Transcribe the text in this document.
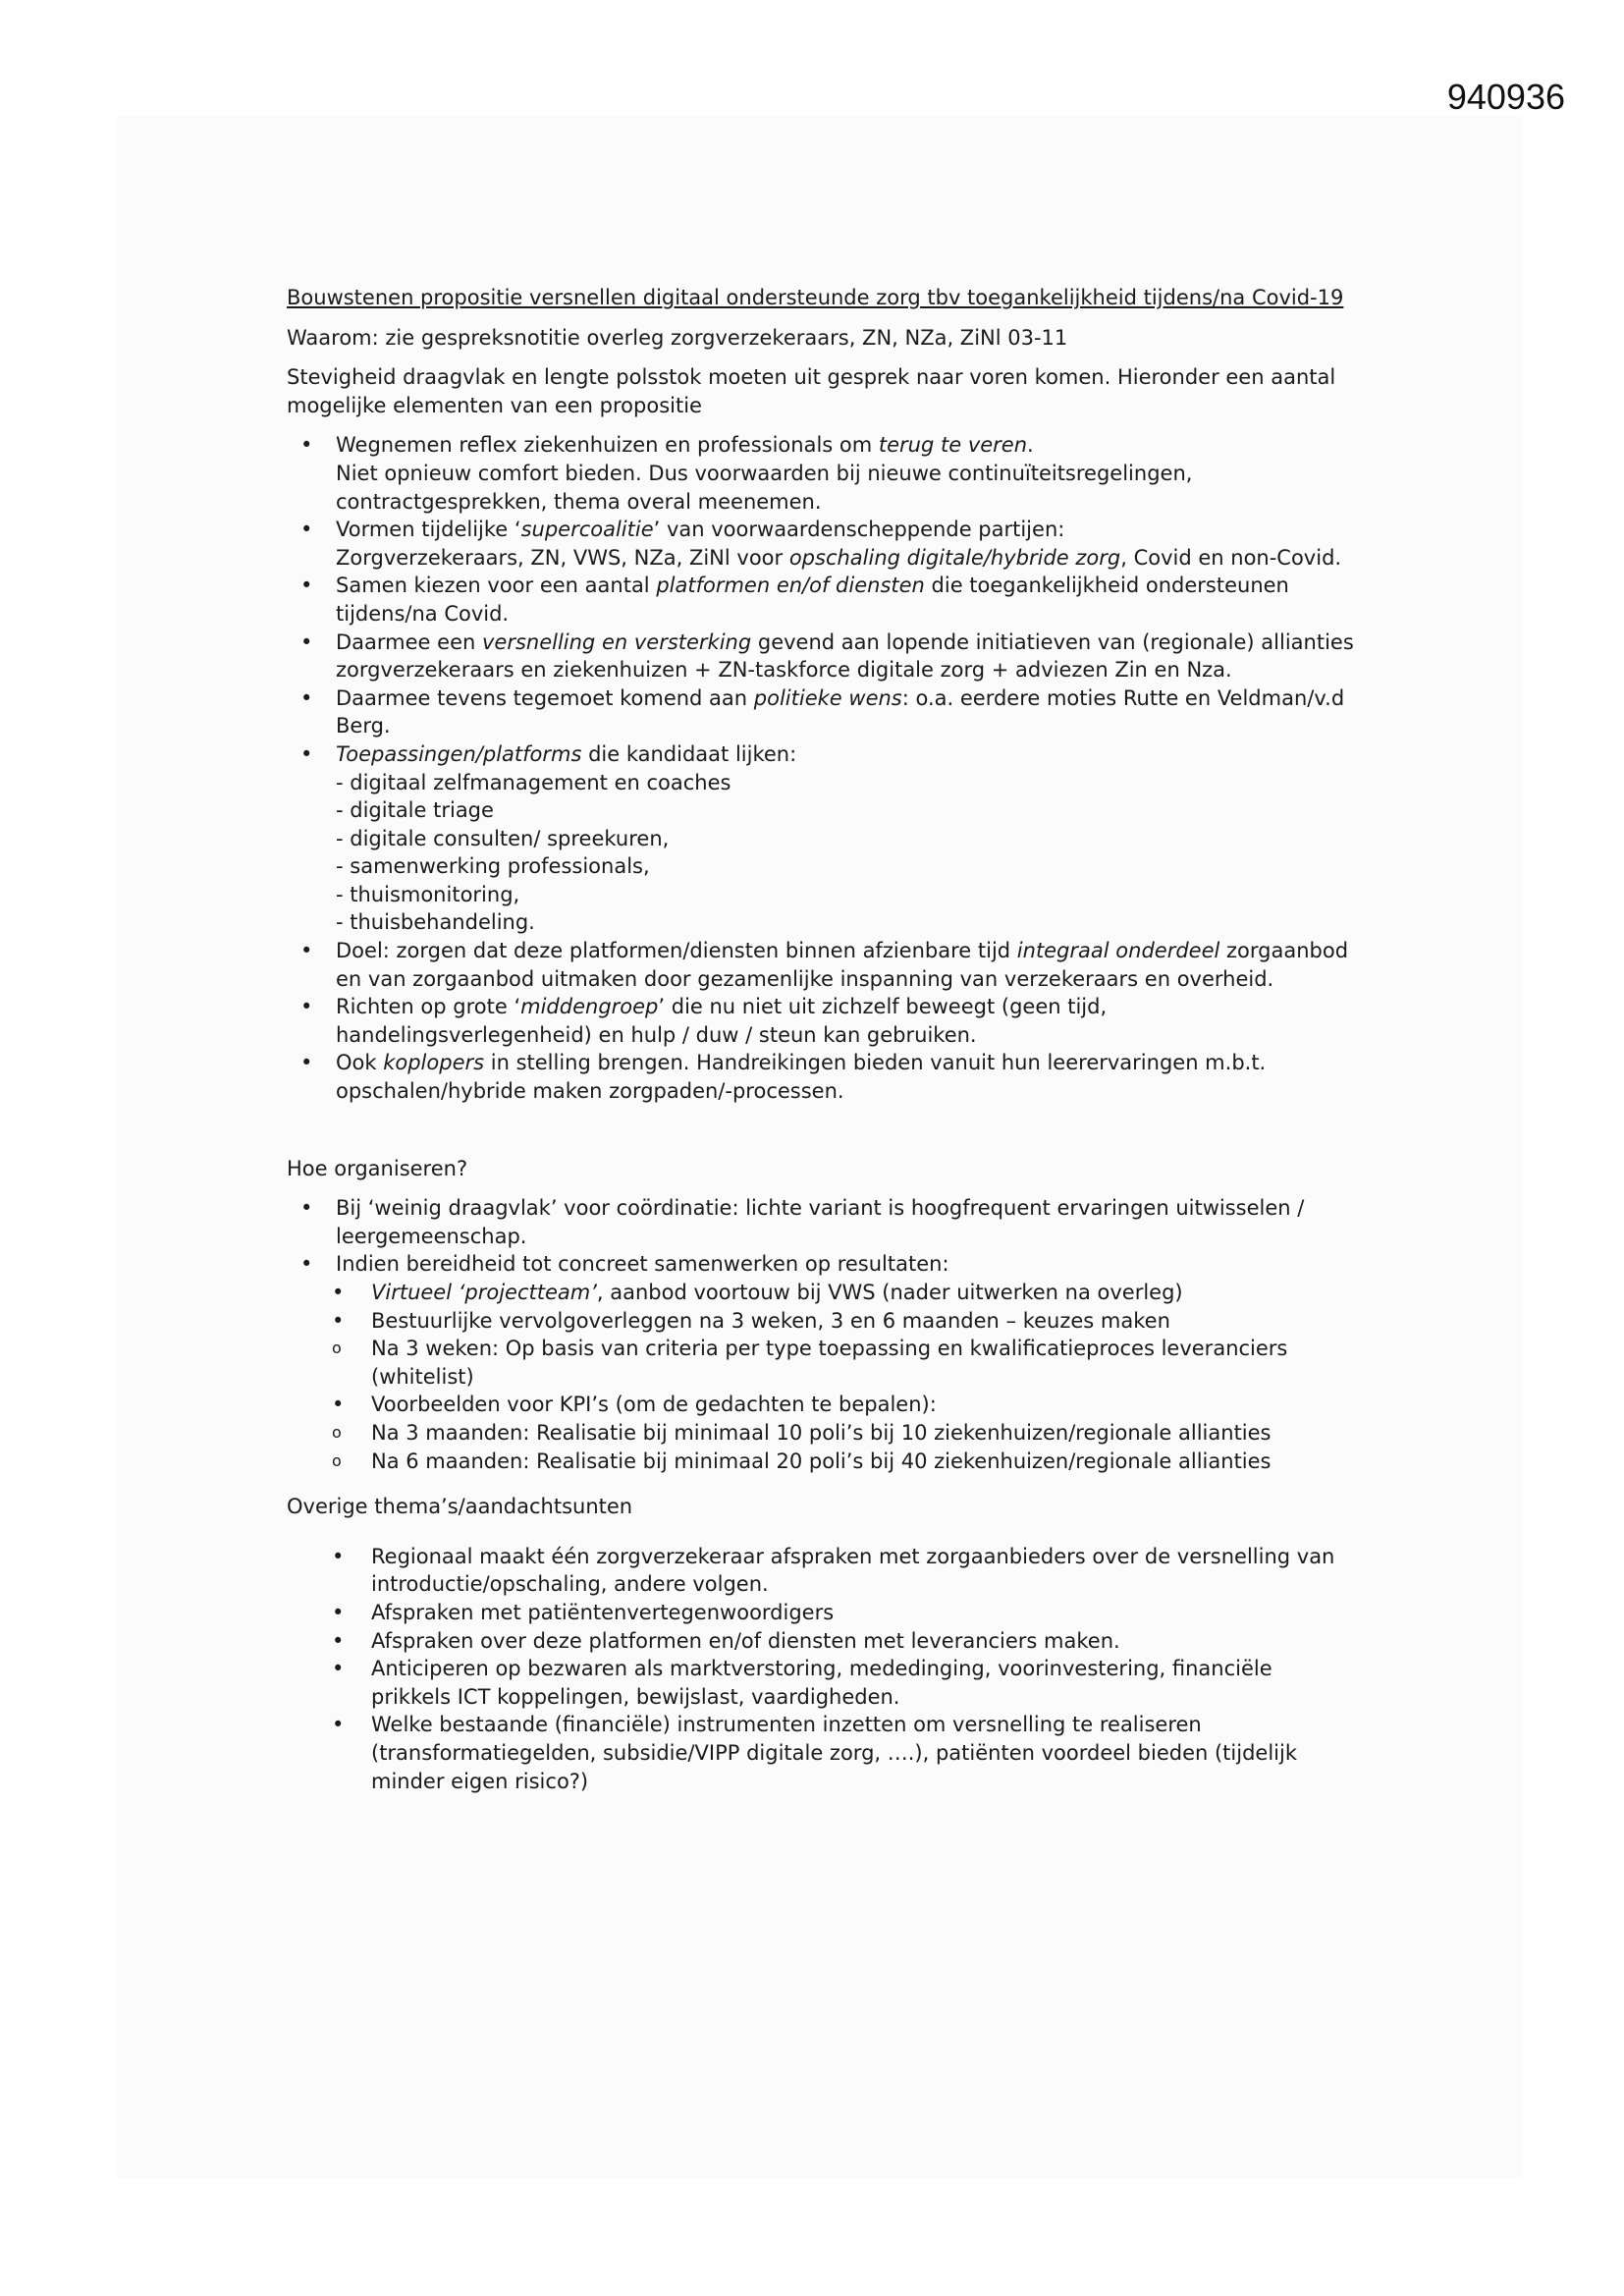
940936

Bouwstenen propositie versnellen digitaal ondersteunde zorg tbv toegankelijkheid tijdens/na Covid-19

Waarom: zie gespreksnotitie overleg zorgverzekeraars, ZN, NZa, ZiNl 03-11

Stevigheid draagvlak en lengte polsstok moeten uit gesprek naar voren komen. Hieronder een aantal mogelijke elementen van een propositie

• Wegnemen reflex ziekenhuizen en professionals om terug te veren.
Niet opnieuw comfort bieden. Dus voorwaarden bij nieuwe continuïteitsregelingen, contractgesprekken, thema overal meenemen.
• Vormen tijdelijke ‘supercoalitie’ van voorwaardenscheppende partijen:
Zorgverzekeraars, ZN, VWS, NZa, ZiNl voor opschaling digitale/hybride zorg, Covid en non-Covid.
• Samen kiezen voor een aantal platformen en/of diensten die toegankelijkheid ondersteunen tijdens/na Covid.
• Daarmee een versnelling en versterking gevend aan lopende initiatieven van (regionale) allianties zorgverzekeraars en ziekenhuizen + ZN-taskforce digitale zorg + adviezen Zin en Nza.
• Daarmee tevens tegemoet komend aan politieke wens: o.a. eerdere moties Rutte en Veldman/v.d Berg.
• Toepassingen/platforms die kandidaat lijken:
- digitaal zelfmanagement en coaches
- digitale triage
- digitale consulten/ spreekuren,
- samenwerking professionals,
- thuismonitoring,
- thuisbehandeling.
• Doel: zorgen dat deze platformen/diensten binnen afzienbare tijd integraal onderdeel zorgaanbod en van zorgaanbod uitmaken door gezamenlijke inspanning van verzekeraars en overheid.
• Richten op grote ‘middengroep’ die nu niet uit zichzelf beweegt (geen tijd, handelingsverlegenheid) en hulp / duw / steun kan gebruiken.
• Ook koplopers in stelling brengen. Handreikingen bieden vanuit hun leerervaringen m.b.t. opschalen/hybride maken zorgpaden/-processen.

Hoe organiseren?

• Bij ‘weinig draagvlak’ voor coördinatie: lichte variant is hoogfrequent ervaringen uitwisselen / leergemeenschap.
• Indien bereidheid tot concreet samenwerken op resultaten:
• Virtueel ‘projectteam’, aanbod voortouw bij VWS (nader uitwerken na overleg)
• Bestuurlijke vervolgoverleggen na 3 weken, 3 en 6 maanden – keuzes maken
o Na 3 weken: Op basis van criteria per type toepassing en kwalificatieproces leveranciers (whitelist)
• Voorbeelden voor KPI’s (om de gedachten te bepalen):
o Na 3 maanden: Realisatie bij minimaal 10 poli’s bij 10 ziekenhuizen/regionale allianties
o Na 6 maanden: Realisatie bij minimaal 20 poli’s bij 40 ziekenhuizen/regionale allianties

Overige thema’s/aandachtsunten

• Regionaal maakt één zorgverzekeraar afspraken met zorgaanbieders over de versnelling van introductie/opschaling, andere volgen.
• Afspraken met patiëntenvertegenwoordigers
• Afspraken over deze platformen en/of diensten met leveranciers maken.
• Anticiperen op bezwaren als marktverstoring, mededinging, voorinvestering, financiële prikkels ICT koppelingen, bewijslast, vaardigheden.
• Welke bestaande (financiële) instrumenten inzetten om versnelling te realiseren (transformatiegelden, subsidie/VIPP digitale zorg, ….), patiënten voordeel bieden (tijdelijk minder eigen risico?)
